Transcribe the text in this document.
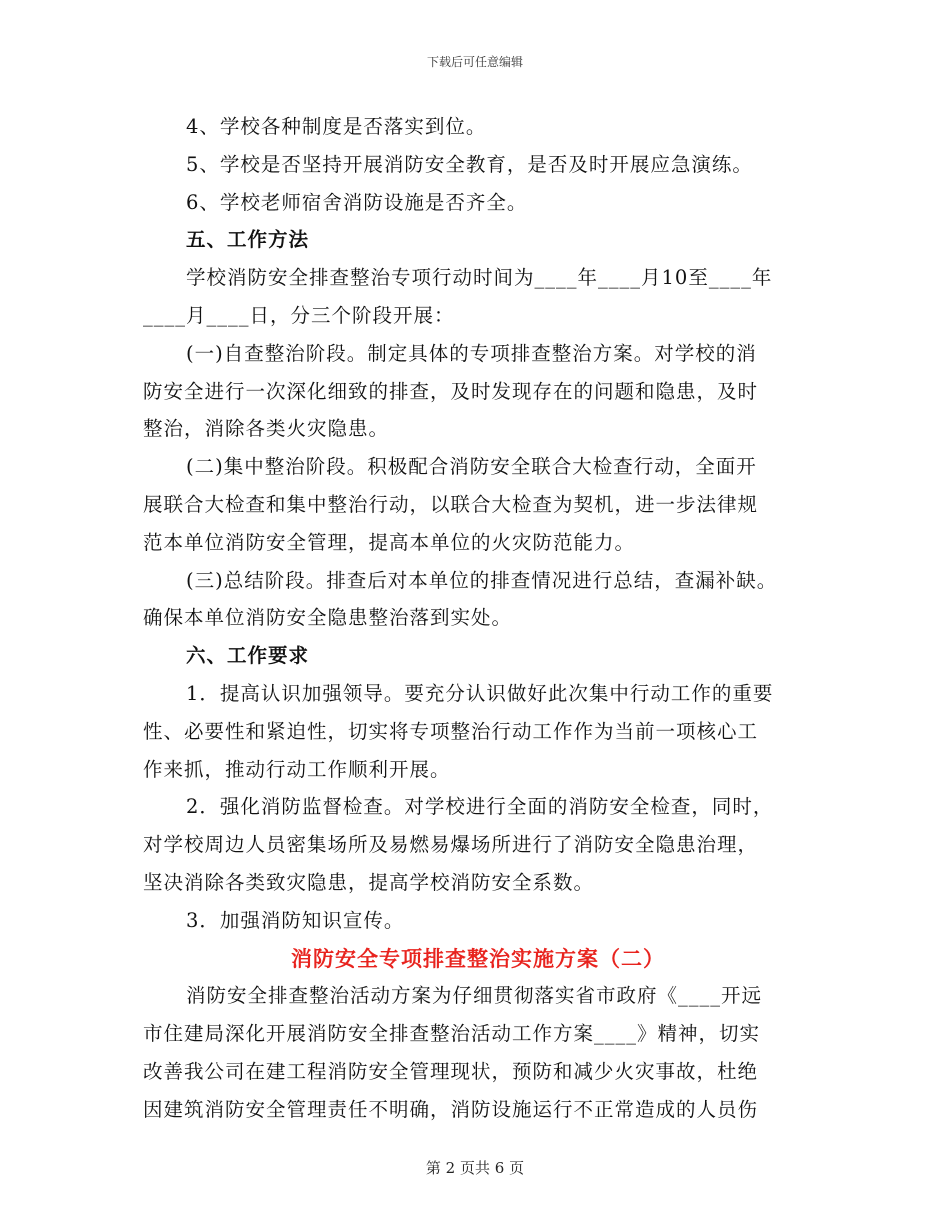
下载后可任意编辑
4、学校各种制度是否落实到位。
5、学校是否坚持开展消防安全教育，是否及时开展应急演练。
6、学校老师宿舍消防设施是否齐全。
五、工作方法
学校消防安全排查整治专项行动时间为____年____月10至____年
____月____日，分三个阶段开展：
(一)自查整治阶段。制定具体的专项排查整治方案。对学校的消
防安全进行一次深化细致的排查，及时发现存在的问题和隐患，及时
整治，消除各类火灾隐患。
(二)集中整治阶段。积极配合消防安全联合大检查行动，全面开
展联合大检查和集中整治行动，以联合大检查为契机，进一步法律规
范本单位消防安全管理，提高本单位的火灾防范能力。
(三)总结阶段。排查后对本单位的排查情况进行总结，查漏补缺。
确保本单位消防安全隐患整治落到实处。
六、工作要求
1．提高认识加强领导。要充分认识做好此次集中行动工作的重要
性、必要性和紧迫性，切实将专项整治行动工作作为当前一项核心工
作来抓，推动行动工作顺利开展。
2．强化消防监督检查。对学校进行全面的消防安全检查，同时，
对学校周边人员密集场所及易燃易爆场所进行了消防安全隐患治理，
坚决消除各类致灾隐患，提高学校消防安全系数。
3．加强消防知识宣传。
消防安全专项排查整治实施方案（二）
消防安全排查整治活动方案为仔细贯彻落实省市政府《____开远
市住建局深化开展消防安全排查整治活动工作方案____》精神，切实
改善我公司在建工程消防安全管理现状，预防和减少火灾事故，杜绝
因建筑消防安全管理责任不明确，消防设施运行不正常造成的人员伤
第 2 页共 6 页
